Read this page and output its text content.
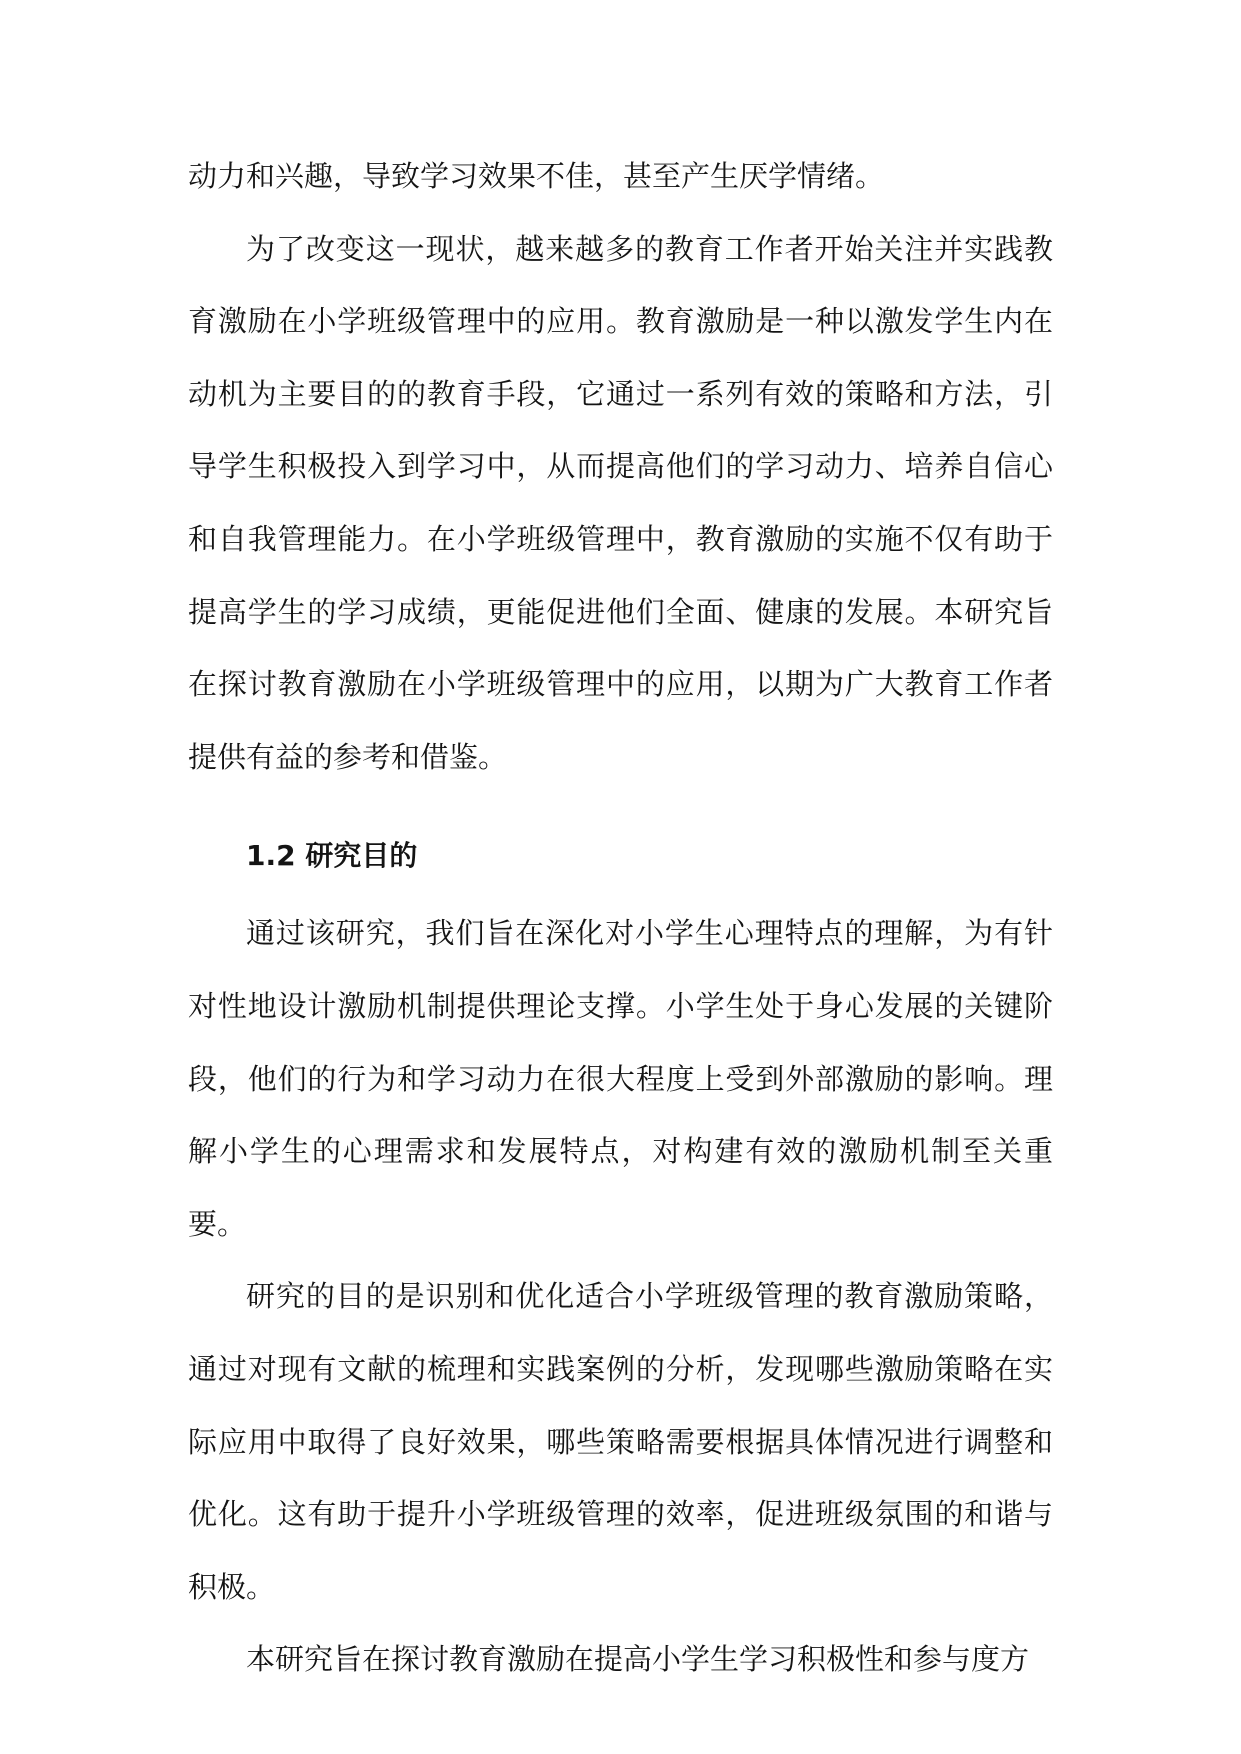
动力和兴趣，导致学习效果不佳，甚至产生厌学情绪。

为了改变这一现状，越来越多的教育工作者开始关注并实践教育激励在小学班级管理中的应用。教育激励是一种以激发学生内在动机为主要目的的教育手段，它通过一系列有效的策略和方法，引导学生积极投入到学习中，从而提高他们的学习动力、培养自信心和自我管理能力。在小学班级管理中，教育激励的实施不仅有助于提高学生的学习成绩，更能促进他们全面、健康的发展。本研究旨在探讨教育激励在小学班级管理中的应用，以期为广大教育工作者提供有益的参考和借鉴。

1.2 研究目的

通过该研究，我们旨在深化对小学生心理特点的理解，为有针对性地设计激励机制提供理论支撑。小学生处于身心发展的关键阶段，他们的行为和学习动力在很大程度上受到外部激励的影响。理解小学生的心理需求和发展特点，对构建有效的激励机制至关重要。

研究的目的是识别和优化适合小学班级管理的教育激励策略，通过对现有文献的梳理和实践案例的分析，发现哪些激励策略在实际应用中取得了良好效果，哪些策略需要根据具体情况进行调整和优化。这有助于提升小学班级管理的效率，促进班级氛围的和谐与积极。

本研究旨在探讨教育激励在提高小学生学习积极性和参与度方
